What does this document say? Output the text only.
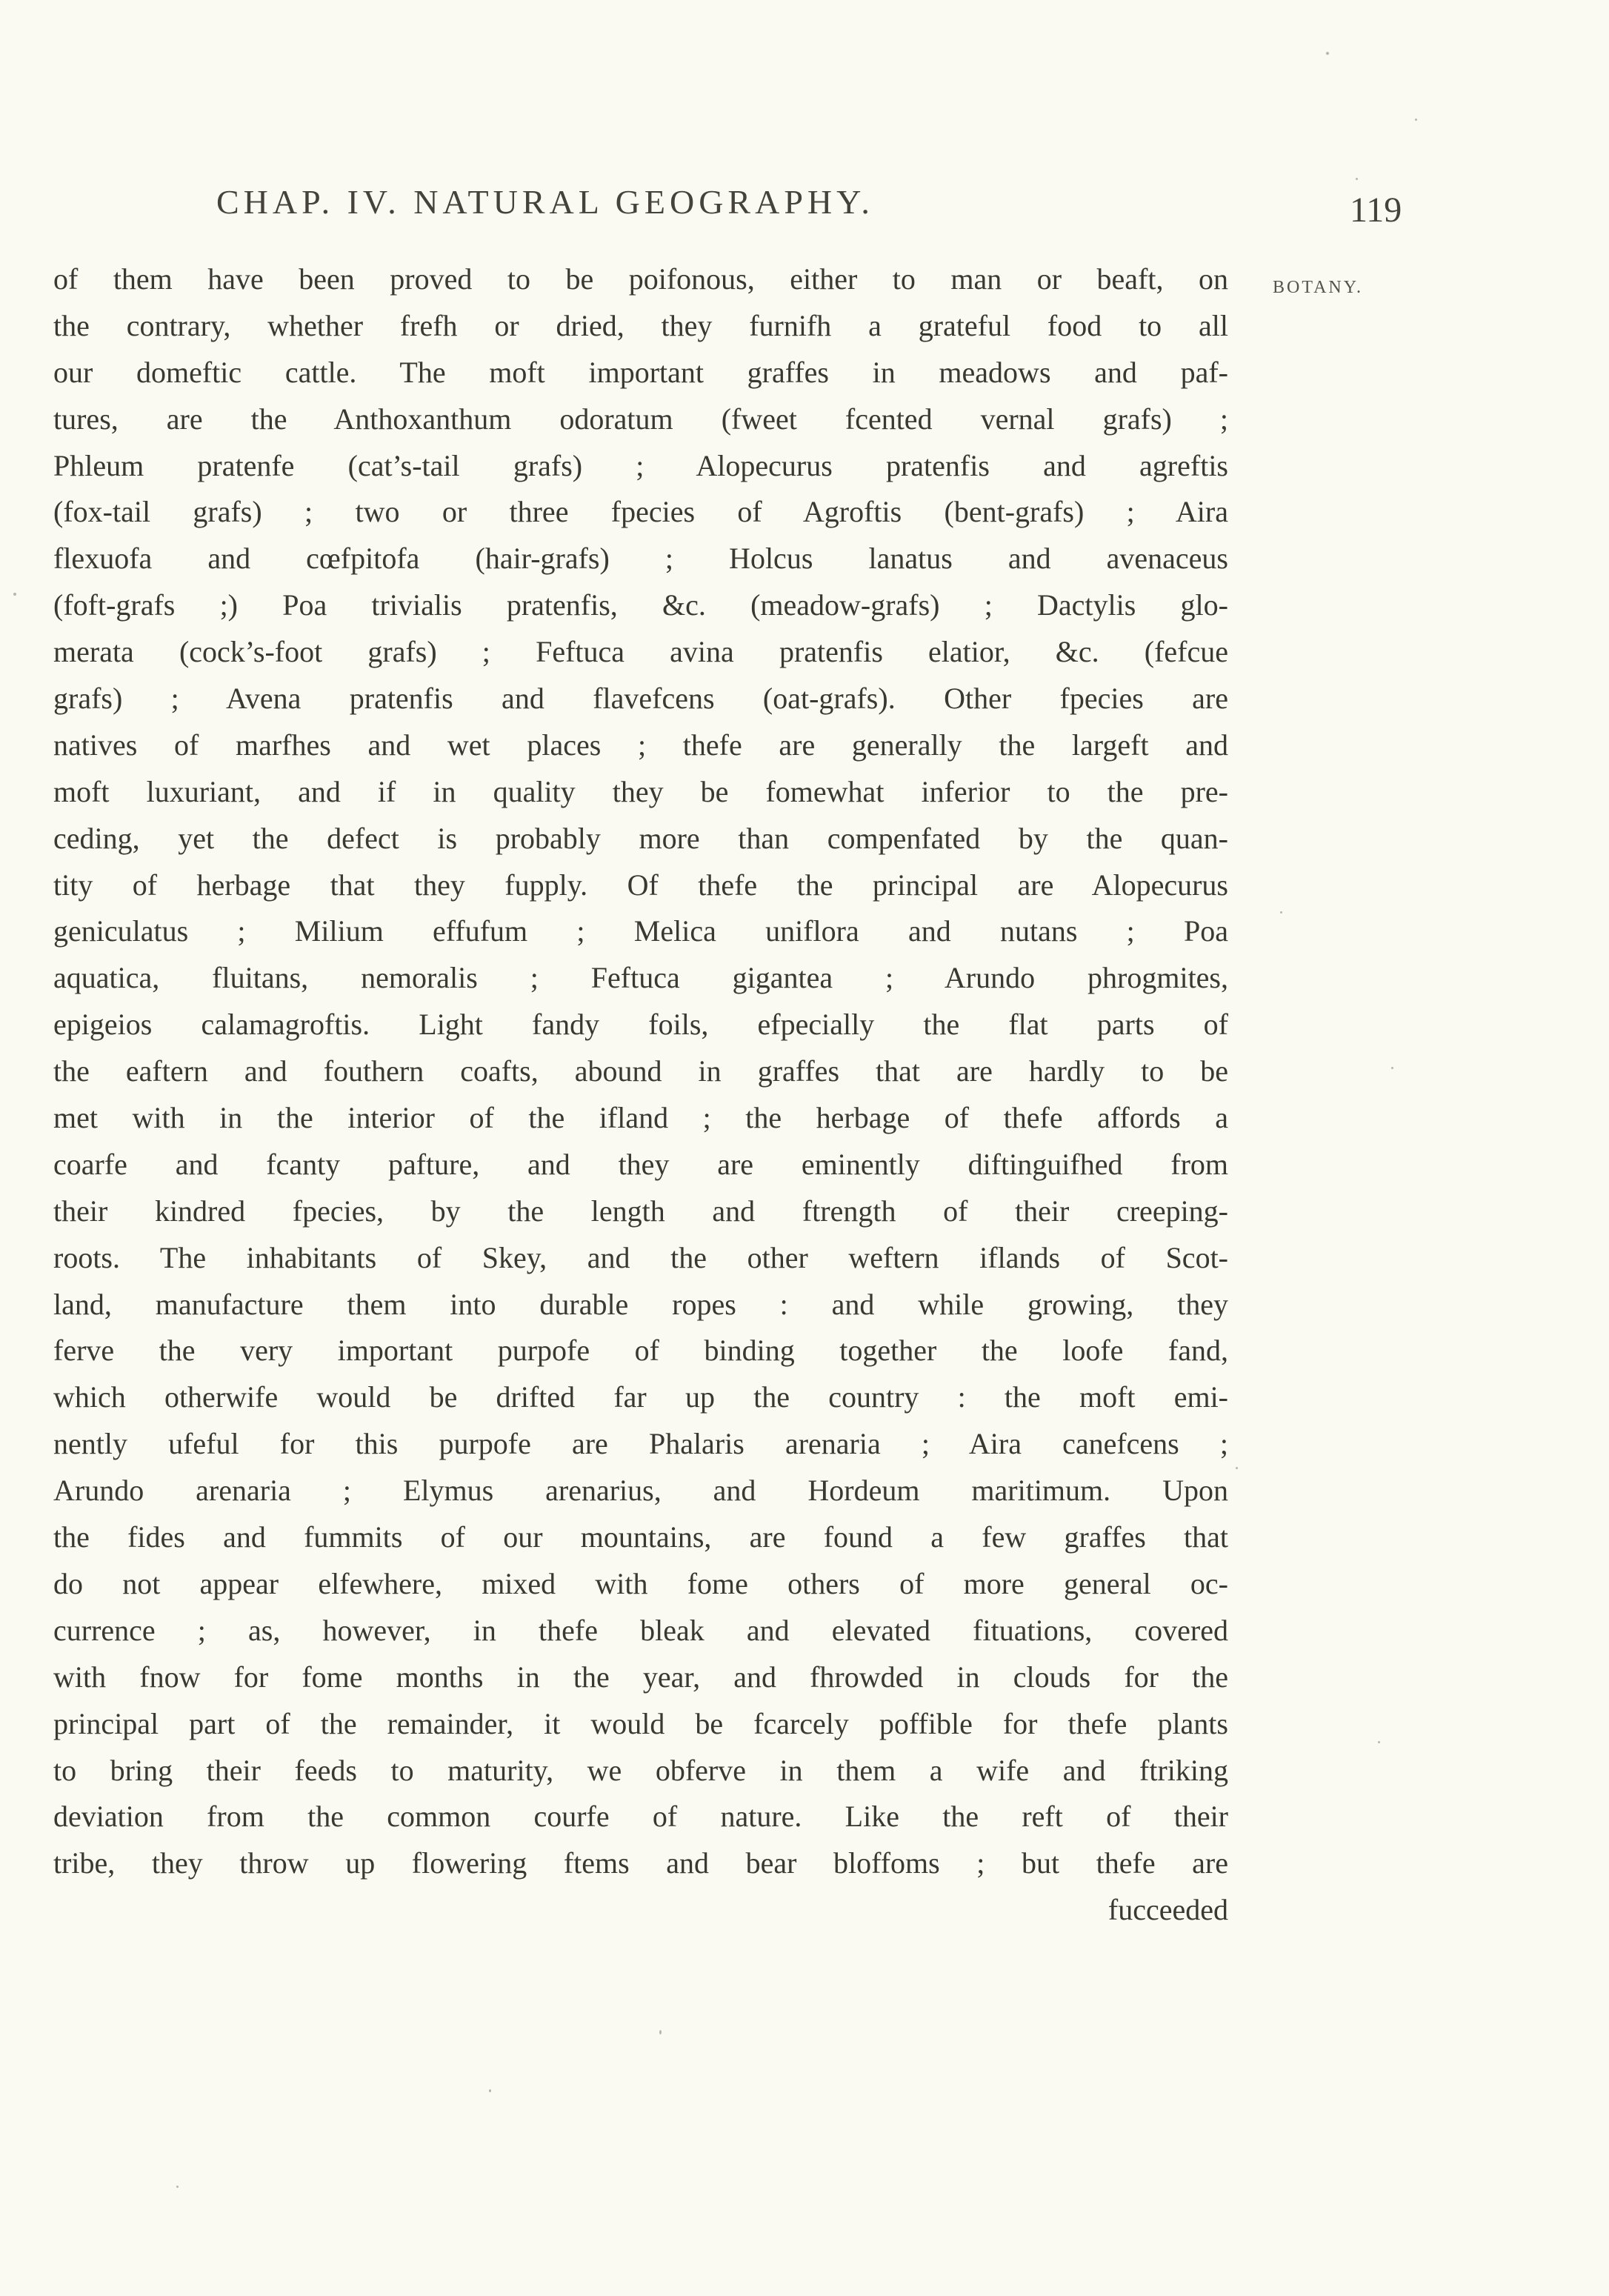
CHAP. IV. NATURAL GEOGRAPHY.	119
BOTANY.
of them have been proved to be poifonous, either to man or beaft, on
the contrary, whether frefh or dried, they furnifh a grateful food to all
our domeftic cattle. The moft important graffes in meadows and paf-
tures, are the Anthoxanthum odoratum (fweet fcented vernal grafs) ;
Phleum pratenfe (cat’s-tail grafs) ; Alopecurus pratenfis and agreftis
(fox-tail grafs) ; two or three fpecies of Agroftis (bent-grafs) ; Aira
flexuofa and cœfpitofa (hair-grafs) ; Holcus lanatus and avenaceus
(foft-grafs ;) Poa trivialis pratenfis, &c. (meadow-grafs) ; Dactylis glo-
merata (cock’s-foot grafs) ; Feftuca avina pratenfis elatior, &c. (fefcue
grafs) ; Avena pratenfis and flavefcens (oat-grafs). Other fpecies are
natives of marfhes and wet places ; thefe are generally the largeft and
moft luxuriant, and if in quality they be fomewhat inferior to the pre-
ceding, yet the defect is probably more than compenfated by the quan-
tity of herbage that they fupply. Of thefe the principal are Alopecurus
geniculatus ; Milium effufum ; Melica uniflora and nutans ; Poa
aquatica, fluitans, nemoralis ; Feftuca gigantea ; Arundo phrogmites,
epigeios calamagroftis. Light fandy foils, efpecially the flat parts of
the eaftern and fouthern coafts, abound in graffes that are hardly to be
met with in the interior of the ifland ; the herbage of thefe affords a
coarfe and fcanty pafture, and they are eminently diftinguifhed from
their kindred fpecies, by the length and ftrength of their creeping-
roots. The inhabitants of Skey, and the other weftern iflands of Scot-
land, manufacture them into durable ropes : and while growing, they
ferve the very important purpofe of binding together the loofe fand,
which otherwife would be drifted far up the country : the moft emi-
nently ufeful for this purpofe are Phalaris arenaria ; Aira canefcens ;
Arundo arenaria ; Elymus arenarius, and Hordeum maritimum. Upon
the fides and fummits of our mountains, are found a few graffes that
do not appear elfewhere, mixed with fome others of more general oc-
currence ; as, however, in thefe bleak and elevated fituations, covered
with fnow for fome months in the year, and fhrowded in clouds for the
principal part of the remainder, it would be fcarcely poffible for thefe plants
to bring their feeds to maturity, we obferve in them a wife and ftriking
deviation from the common courfe of nature. Like the reft of their
tribe, they throw up flowering ftems and bear bloffoms ; but thefe are
fucceeded
